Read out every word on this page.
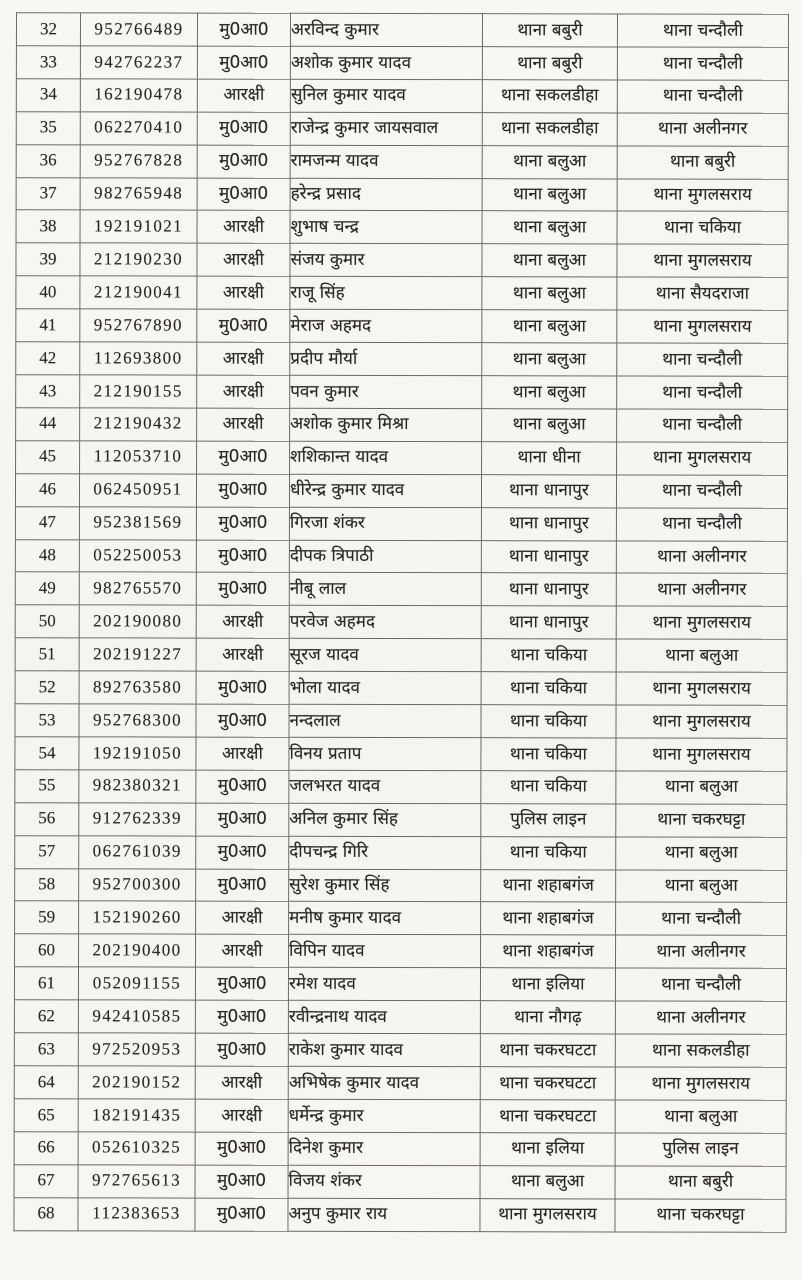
32	952766489	मु0आ0	अरविन्द कुमार	थाना बबुरी	थाना चन्दौली
33	942762237	मु0आ0	अशोक कुमार यादव	थाना बबुरी	थाना चन्दौली
34	162190478	आरक्षी	सुनिल कुमार यादव	थाना सकलडीहा	थाना चन्दौली
35	062270410	मु0आ0	राजेन्द्र कुमार जायसवाल	थाना सकलडीहा	थाना अलीनगर
36	952767828	मु0आ0	रामजन्म यादव	थाना बलुआ	थाना बबुरी
37	982765948	मु0आ0	हरेन्द्र प्रसाद	थाना बलुआ	थाना मुगलसराय
38	192191021	आरक्षी	शुभाष चन्द्र	थाना बलुआ	थाना चकिया
39	212190230	आरक्षी	संजय कुमार	थाना बलुआ	थाना मुगलसराय
40	212190041	आरक्षी	राजू सिंह	थाना बलुआ	थाना सैयदराजा
41	952767890	मु0आ0	मेराज अहमद	थाना बलुआ	थाना मुगलसराय
42	112693800	आरक्षी	प्रदीप मौर्या	थाना बलुआ	थाना चन्दौली
43	212190155	आरक्षी	पवन कुमार	थाना बलुआ	थाना चन्दौली
44	212190432	आरक्षी	अशोक कुमार मिश्रा	थाना बलुआ	थाना चन्दौली
45	112053710	मु0आ0	शशिकान्त यादव	थाना धीना	थाना मुगलसराय
46	062450951	मु0आ0	धीरेन्द्र कुमार यादव	थाना धानापुर	थाना चन्दौली
47	952381569	मु0आ0	गिरजा शंकर	थाना धानापुर	थाना चन्दौली
48	052250053	मु0आ0	दीपक त्रिपाठी	थाना धानापुर	थाना अलीनगर
49	982765570	मु0आ0	नीबू लाल	थाना धानापुर	थाना अलीनगर
50	202190080	आरक्षी	परवेज अहमद	थाना धानापुर	थाना मुगलसराय
51	202191227	आरक्षी	सूरज यादव	थाना चकिया	थाना बलुआ
52	892763580	मु0आ0	भोला यादव	थाना चकिया	थाना मुगलसराय
53	952768300	मु0आ0	नन्दलाल	थाना चकिया	थाना मुगलसराय
54	192191050	आरक्षी	विनय प्रताप	थाना चकिया	थाना मुगलसराय
55	982380321	मु0आ0	जलभरत यादव	थाना चकिया	थाना बलुआ
56	912762339	मु0आ0	अनिल कुमार सिंह	पुलिस लाइन	थाना चकरघट्टा
57	062761039	मु0आ0	दीपचन्द्र गिरि	थाना चकिया	थाना बलुआ
58	952700300	मु0आ0	सुरेश कुमार सिंह	थाना शहाबगंज	थाना बलुआ
59	152190260	आरक्षी	मनीष कुमार यादव	थाना शहाबगंज	थाना चन्दौली
60	202190400	आरक्षी	विपिन यादव	थाना शहाबगंज	थाना अलीनगर
61	052091155	मु0आ0	रमेश यादव	थाना इलिया	थाना चन्दौली
62	942410585	मु0आ0	रवीन्द्रनाथ यादव	थाना नौगढ़	थाना अलीनगर
63	972520953	मु0आ0	राकेश कुमार यादव	थाना चकरघटटा	थाना सकलडीहा
64	202190152	आरक्षी	अभिषेक कुमार यादव	थाना चकरघटटा	थाना मुगलसराय
65	182191435	आरक्षी	धर्मेन्द्र कुमार	थाना चकरघटटा	थाना बलुआ
66	052610325	मु0आ0	दिनेश कुमार	थाना इलिया	पुलिस लाइन
67	972765613	मु0आ0	विजय शंकर	थाना बलुआ	थाना बबुरी
68	112383653	मु0आ0	अनुप कुमार राय	थाना मुगलसराय	थाना चकरघट्टा
